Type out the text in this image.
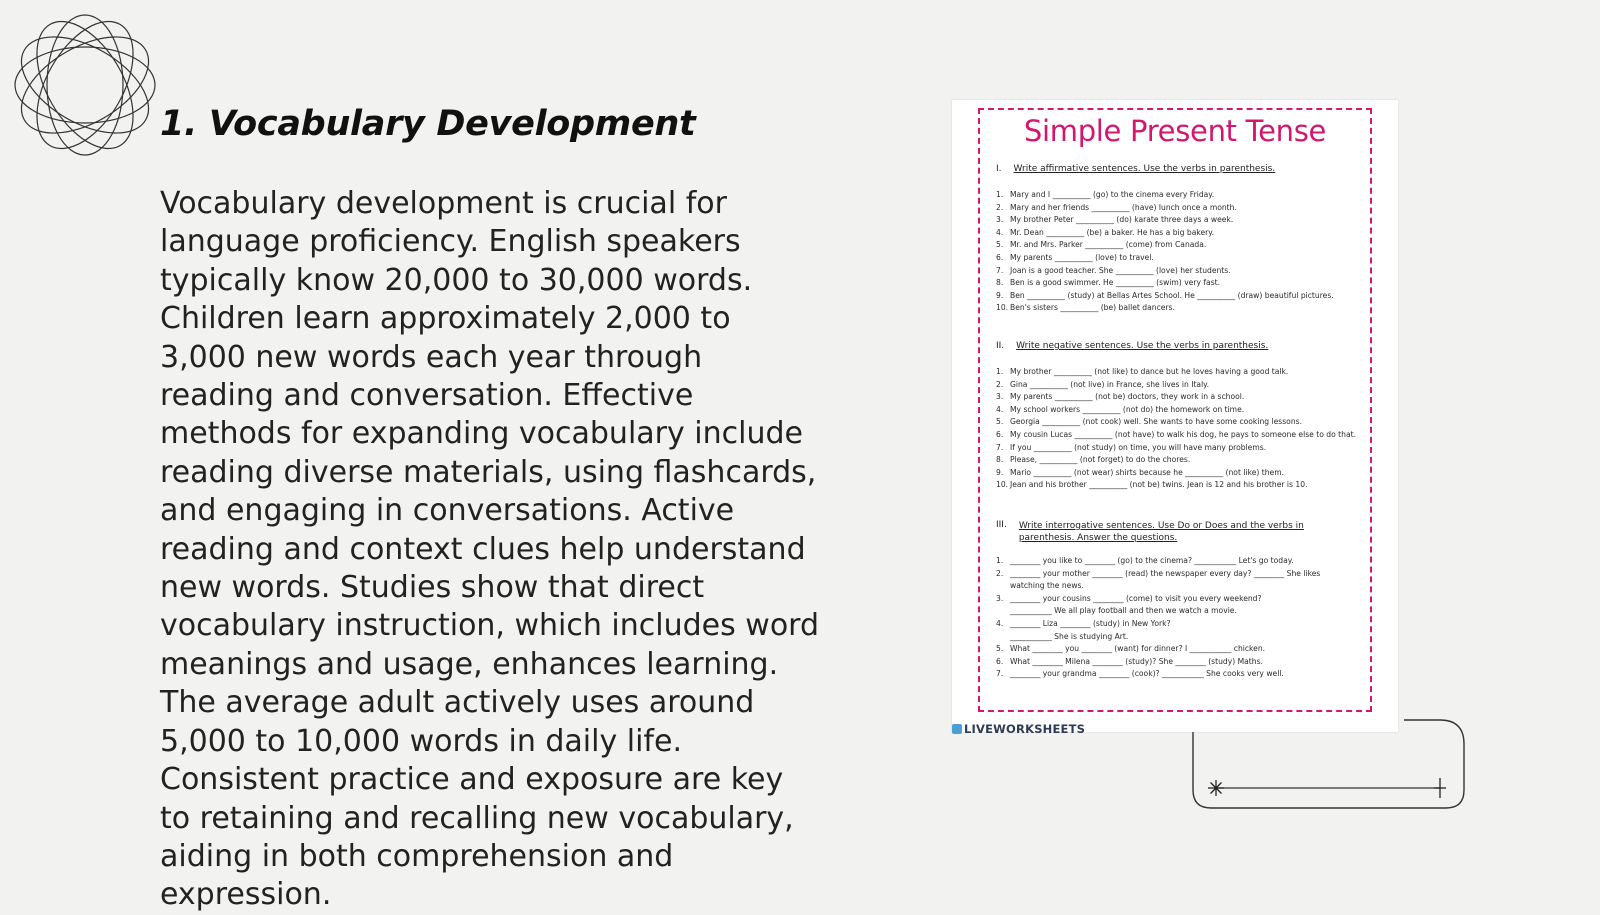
1. Vocabulary Development

Vocabulary development is crucial for language proficiency. English speakers typically know 20,000 to 30,000 words. Children learn approximately 2,000 to 3,000 new words each year through reading and conversation. Effective methods for expanding vocabulary include reading diverse materials, using flashcards, and engaging in conversations. Active reading and context clues help understand new words. Studies show that direct vocabulary instruction, which includes word meanings and usage, enhances learning. The average adult actively uses around 5,000 to 10,000 words in daily life. Consistent practice and exposure are key to retaining and recalling new vocabulary, aiding in both comprehension and expression.

Simple Present Tense
I. Write affirmative sentences. Use the verbs in parenthesis.
1. Mary and I __________ (go) to the cinema every Friday.
2. Mary and her friends __________ (have) lunch once a month.
3. My brother Peter __________ (do) karate three days a week.
4. Mr. Dean __________ (be) a baker. He has a big bakery.
5. Mr. and Mrs. Parker __________ (come) from Canada.
6. My parents __________ (love) to travel.
7. Joan is a good teacher. She __________ (love) her students.
8. Ben is a good swimmer. He __________ (swim) very fast.
9. Ben __________ (study) at Bellas Artes School. He __________ (draw) beautiful pictures.
10. Ben's sisters __________ (be) ballet dancers.
II. Write negative sentences. Use the verbs in parenthesis.
1. My brother __________ (not like) to dance but he loves having a good talk.
2. Gina __________ (not live) in France, she lives in Italy.
3. My parents __________ (not be) doctors, they work in a school.
4. My school workers __________ (not do) the homework on time.
5. Georgia __________ (not cook) well. She wants to have some cooking lessons.
6. My cousin Lucas __________ (not have) to walk his dog, he pays to someone else to do that.
7. If you __________ (not study) on time, you will have many problems.
8. Please, __________ (not forget) to do the chores.
9. Mario __________ (not wear) shirts because he __________ (not like) them.
10. Jean and his brother __________ (not be) twins. Jean is 12 and his brother is 10.
III. Write interrogative sentences. Use Do or Does and the verbs in parenthesis. Answer the questions.
1. ________ you like to ________ (go) to the cinema? ___________ Let's go today.
2. ________ your mother ________ (read) the newspaper every day? ________ She likes
watching the news.
3. ________ your cousins ________ (come) to visit you every weekend?
___________ We all play football and then we watch a movie.
4. ________ Liza ________ (study) in New York?
___________ She is studying Art.
5. What ________ you ________ (want) for dinner? I ___________ chicken.
6. What ________ Milena ________ (study)? She ________ (study) Maths.
7. ________ your grandma ________ (cook)? ___________ She cooks very well.
LIVEWORKSHEETS
